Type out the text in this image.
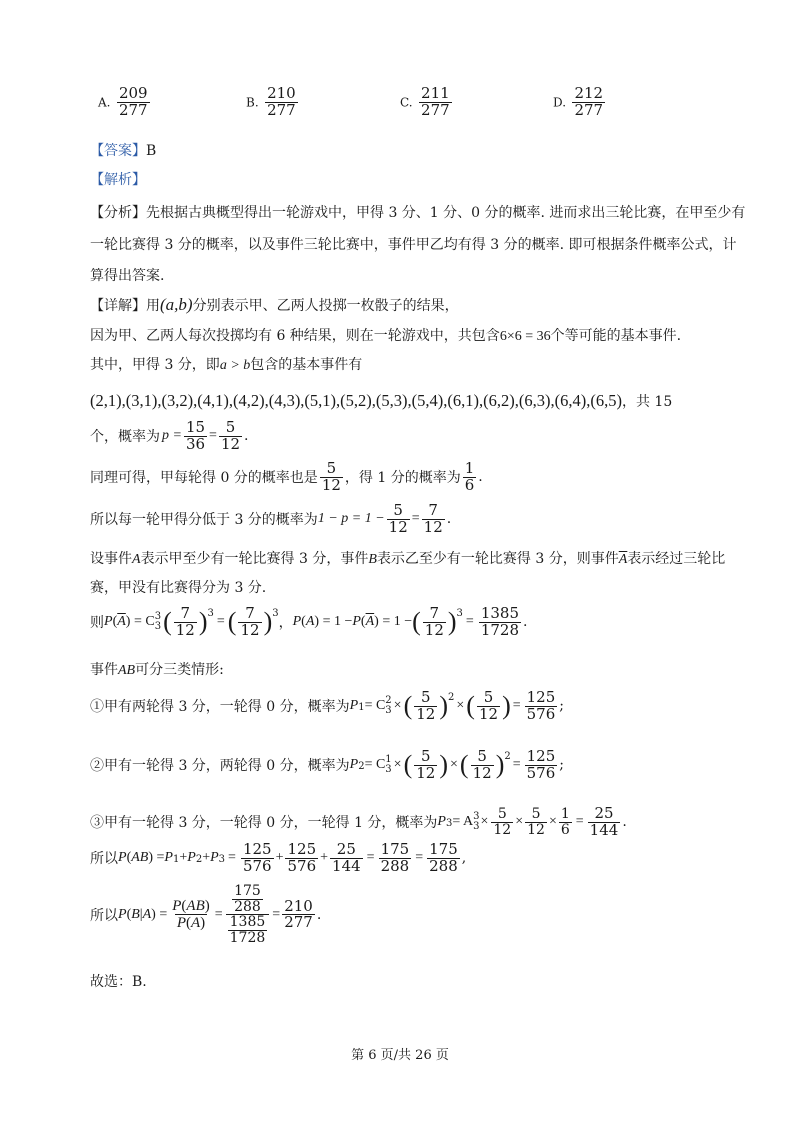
A. $\frac{209}{277}$	B. $\frac{210}{277}$	C. $\frac{211}{277}$	D. $\frac{212}{277}$
【答案】B
【解析】
【分析】先根据古典概型得出一轮游戏中，甲得 3 分、1 分、0 分的概率. 进而求出三轮比赛，在甲至少有
一轮比赛得 3 分的概率，以及事件三轮比赛中，事件甲乙均有得 3 分的概率. 即可根据条件概率公式，计
算得出答案.
【详解】用(a,b)分别表示甲、乙两人投掷一枚骰子的结果，
因为甲、乙两人每次投掷均有 6 种结果，则在一轮游戏中，共包含6×6 = 36个等可能的基本事件.
其中，甲得 3 分，即a > b包含的基本事件有
(2,1),(3,1),(3,2),(4,1),(4,2),(4,3),(5,1),(5,2),(5,3),(5,4),(6,1),(6,2),(6,3),(6,4),(6,5)，共 15
个，概率为 $p = \frac{15}{36} = \frac{5}{12}$ .
同理可得，甲每轮得 0 分的概率也是 $\frac{5}{12}$ ，得 1 分的概率为 $\frac{1}{6}$ .
所以每一轮甲得分低于 3 分的概率为 $1 - p = 1 - \frac{5}{12} = \frac{7}{12}$ .
设事件A表示甲至少有一轮比赛得 3 分，事件B表示乙至少有一轮比赛得 3 分，则事件$\overline{A}$表示经过三轮比
赛，甲没有比赛得分为 3 分.
则 P ( $\overline{A}$ ) = C 3
3 ( $\frac{7}{12} )^3$
= ( $\frac{7}{12} )^3$
， P ( A ) = 1 − P ( $\overline{A}$ ) = 1 − ( $\frac{7}{12} )^3$
= $\frac{1385}{1728}$ .
事件AB可分三类情形:
①甲有两轮得 3 分，一轮得 0 分，概率为 P 1 = C 2
3 × ( $\frac{5}{12} )^2$
× ( $\frac{5}{12}$ ) = $\frac{125}{576}$ ;
②甲有一轮得 3 分，两轮得 0 分，概率为 P 2 = C 1
3 × ( $\frac{5}{12}$ ) × ( $\frac{5}{12} )^2$
= $\frac{125}{576}$ ;
③甲有一轮得 3 分，一轮得 0 分，一轮得 1 分，概率为 P 3 = A 3
$3 \times \frac{5}{12} \times \frac{5}{12} \times \frac{1}{6} = \frac{25}{144}$ .
所以 P ( AB ) = P 1 + P 2 + P $3 = \frac{125}{576} + \frac{125}{576} + \frac{25}{144} = \frac{175}{288} = \frac{175}{288}$ ,
所以 P ( B | A ) = $\frac{P(AB)}{P(A)} = \frac{\frac{175}{288}}{\frac{1385}{1728}} = \frac{210}{277}$ .
故选：B.
第 6 页/共 26 页
